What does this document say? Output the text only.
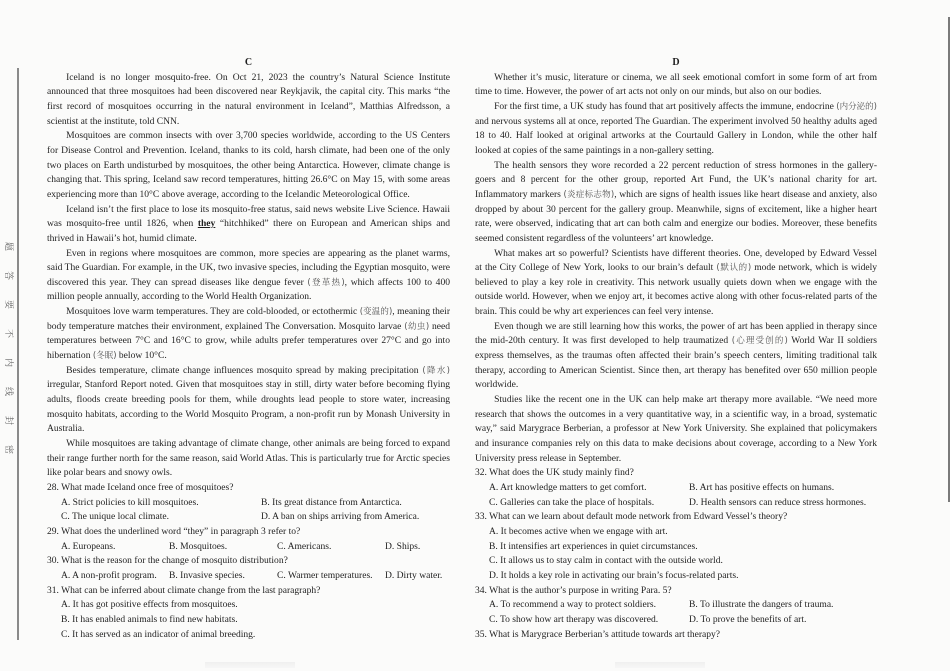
题
答
要
不
内
线
封
密
C

Iceland is no longer mosquito-free. On Oct 21, 2023 the country’s Natural Science Institute announced that three mosquitoes had been discovered near Reykjavik, the capital city. This marks “the first record of mosquitoes occurring in the natural environment in Iceland”, Matthias Alfredsson, a scientist at the institute, told CNN.

Mosquitoes are common insects with over 3,700 species worldwide, according to the US Centers for Disease Control and Prevention. Iceland, thanks to its cold, harsh climate, had been one of the only two places on Earth undisturbed by mosquitoes, the other being Antarctica. However, climate change is changing that. This spring, Iceland saw record temperatures, hitting 26.6°C on May 15, with some areas experiencing more than 10°C above average, according to the Icelandic Meteorological Office.

Iceland isn’t the first place to lose its mosquito-free status, said news website Live Science. Hawaii was mosquito-free until 1826, when they “hitchhiked” there on European and American ships and thrived in Hawaii’s hot, humid climate.

Even in regions where mosquitoes are common, more species are appearing as the planet warms, said The Guardian. For example, in the UK, two invasive species, including the Egyptian mosquito, were discovered this year. They can spread diseases like dengue fever (登革热), which affects 100 to 400 million people annually, according to the World Health Organization.

Mosquitoes love warm temperatures. They are cold-blooded, or ectothermic (变温的), meaning their body temperature matches their environment, explained The Conversation. Mosquito larvae (幼虫) need temperatures between 7°C and 16°C to grow, while adults prefer temperatures over 27°C and go into hibernation (冬眠) below 10°C.

Besides temperature, climate change influences mosquito spread by making precipitation (降水) irregular, Stanford Report noted. Given that mosquitoes stay in still, dirty water before becoming flying adults, floods create breeding pools for them, while droughts lead people to store water, increasing mosquito habitats, according to the World Mosquito Program, a non-profit run by Monash University in Australia.

While mosquitoes are taking advantage of climate change, other animals are being forced to expand their range further north for the same reason, said World Atlas. This is particularly true for Arctic species like polar bears and snowy owls.

28. What made Iceland once free of mosquitoes?
A. Strict policies to kill mosquitoes.	B. Its great distance from Antarctica.
C. The unique local climate.	D. A ban on ships arriving from America.
29. What does the underlined word “they” in paragraph 3 refer to?
A. Europeans.	B. Mosquitoes.	C. Americans.	D. Ships.
30. What is the reason for the change of mosquito distribution?
A. A non-profit program.	B. Invasive species.	C. Warmer temperatures.	D. Dirty water.
31. What can be inferred about climate change from the last paragraph?
A. It has got positive effects from mosquitoes.
B. It has enabled animals to find new habitats.
C. It has served as an indicator of animal breeding.
D

Whether it’s music, literature or cinema, we all seek emotional comfort in some form of art from time to time. However, the power of art acts not only on our minds, but also on our bodies.

For the first time, a UK study has found that art positively affects the immune, endocrine (内分泌的) and nervous systems all at once, reported The Guardian. The experiment involved 50 healthy adults aged 18 to 40. Half looked at original artworks at the Courtauld Gallery in London, while the other half looked at copies of the same paintings in a non-gallery setting.

The health sensors they wore recorded a 22 percent reduction of stress hormones in the gallery-goers and 8 percent for the other group, reported Art Fund, the UK’s national charity for art. Inflammatory markers (炎症标志物), which are signs of health issues like heart disease and anxiety, also dropped by about 30 percent for the gallery group. Meanwhile, signs of excitement, like a higher heart rate, were observed, indicating that art can both calm and energize our bodies. Moreover, these benefits seemed consistent regardless of the volunteers’ art knowledge.

What makes art so powerful? Scientists have different theories. One, developed by Edward Vessel at the City College of New York, looks to our brain’s default (默认的) mode network, which is widely believed to play a key role in creativity. This network usually quiets down when we engage with the outside world. However, when we enjoy art, it becomes active along with other focus-related parts of the brain. This could be why art experiences can feel very intense.

Even though we are still learning how this works, the power of art has been applied in therapy since the mid-20th century. It was first developed to help traumatized (心理受创的) World War II soldiers express themselves, as the traumas often affected their brain’s speech centers, limiting traditional talk therapy, according to American Scientist. Since then, art therapy has benefited over 650 million people worldwide.

Studies like the recent one in the UK can help make art therapy more available. “We need more research that shows the outcomes in a very quantitative way, in a scientific way, in a broad, systematic way,” said Marygrace Berberian, a professor at New York University. She explained that policymakers and insurance companies rely on this data to make decisions about coverage, according to a New York University press release in September.

32. What does the UK study mainly find?
A. Art knowledge matters to get comfort.	B. Art has positive effects on humans.
C. Galleries can take the place of hospitals.	D. Health sensors can reduce stress hormones.
33. What can we learn about default mode network from Edward Vessel’s theory?
A. It becomes active when we engage with art.
B. It intensifies art experiences in quiet circumstances.
C. It allows us to stay calm in contact with the outside world.
D. It holds a key role in activating our brain’s focus-related parts.
34. What is the author’s purpose in writing Para. 5?
A. To recommend a way to protect soldiers.	B. To illustrate the dangers of trauma.
C. To show how art therapy was discovered.	D. To prove the benefits of art.
35. What is Marygrace Berberian’s attitude towards art therapy?
